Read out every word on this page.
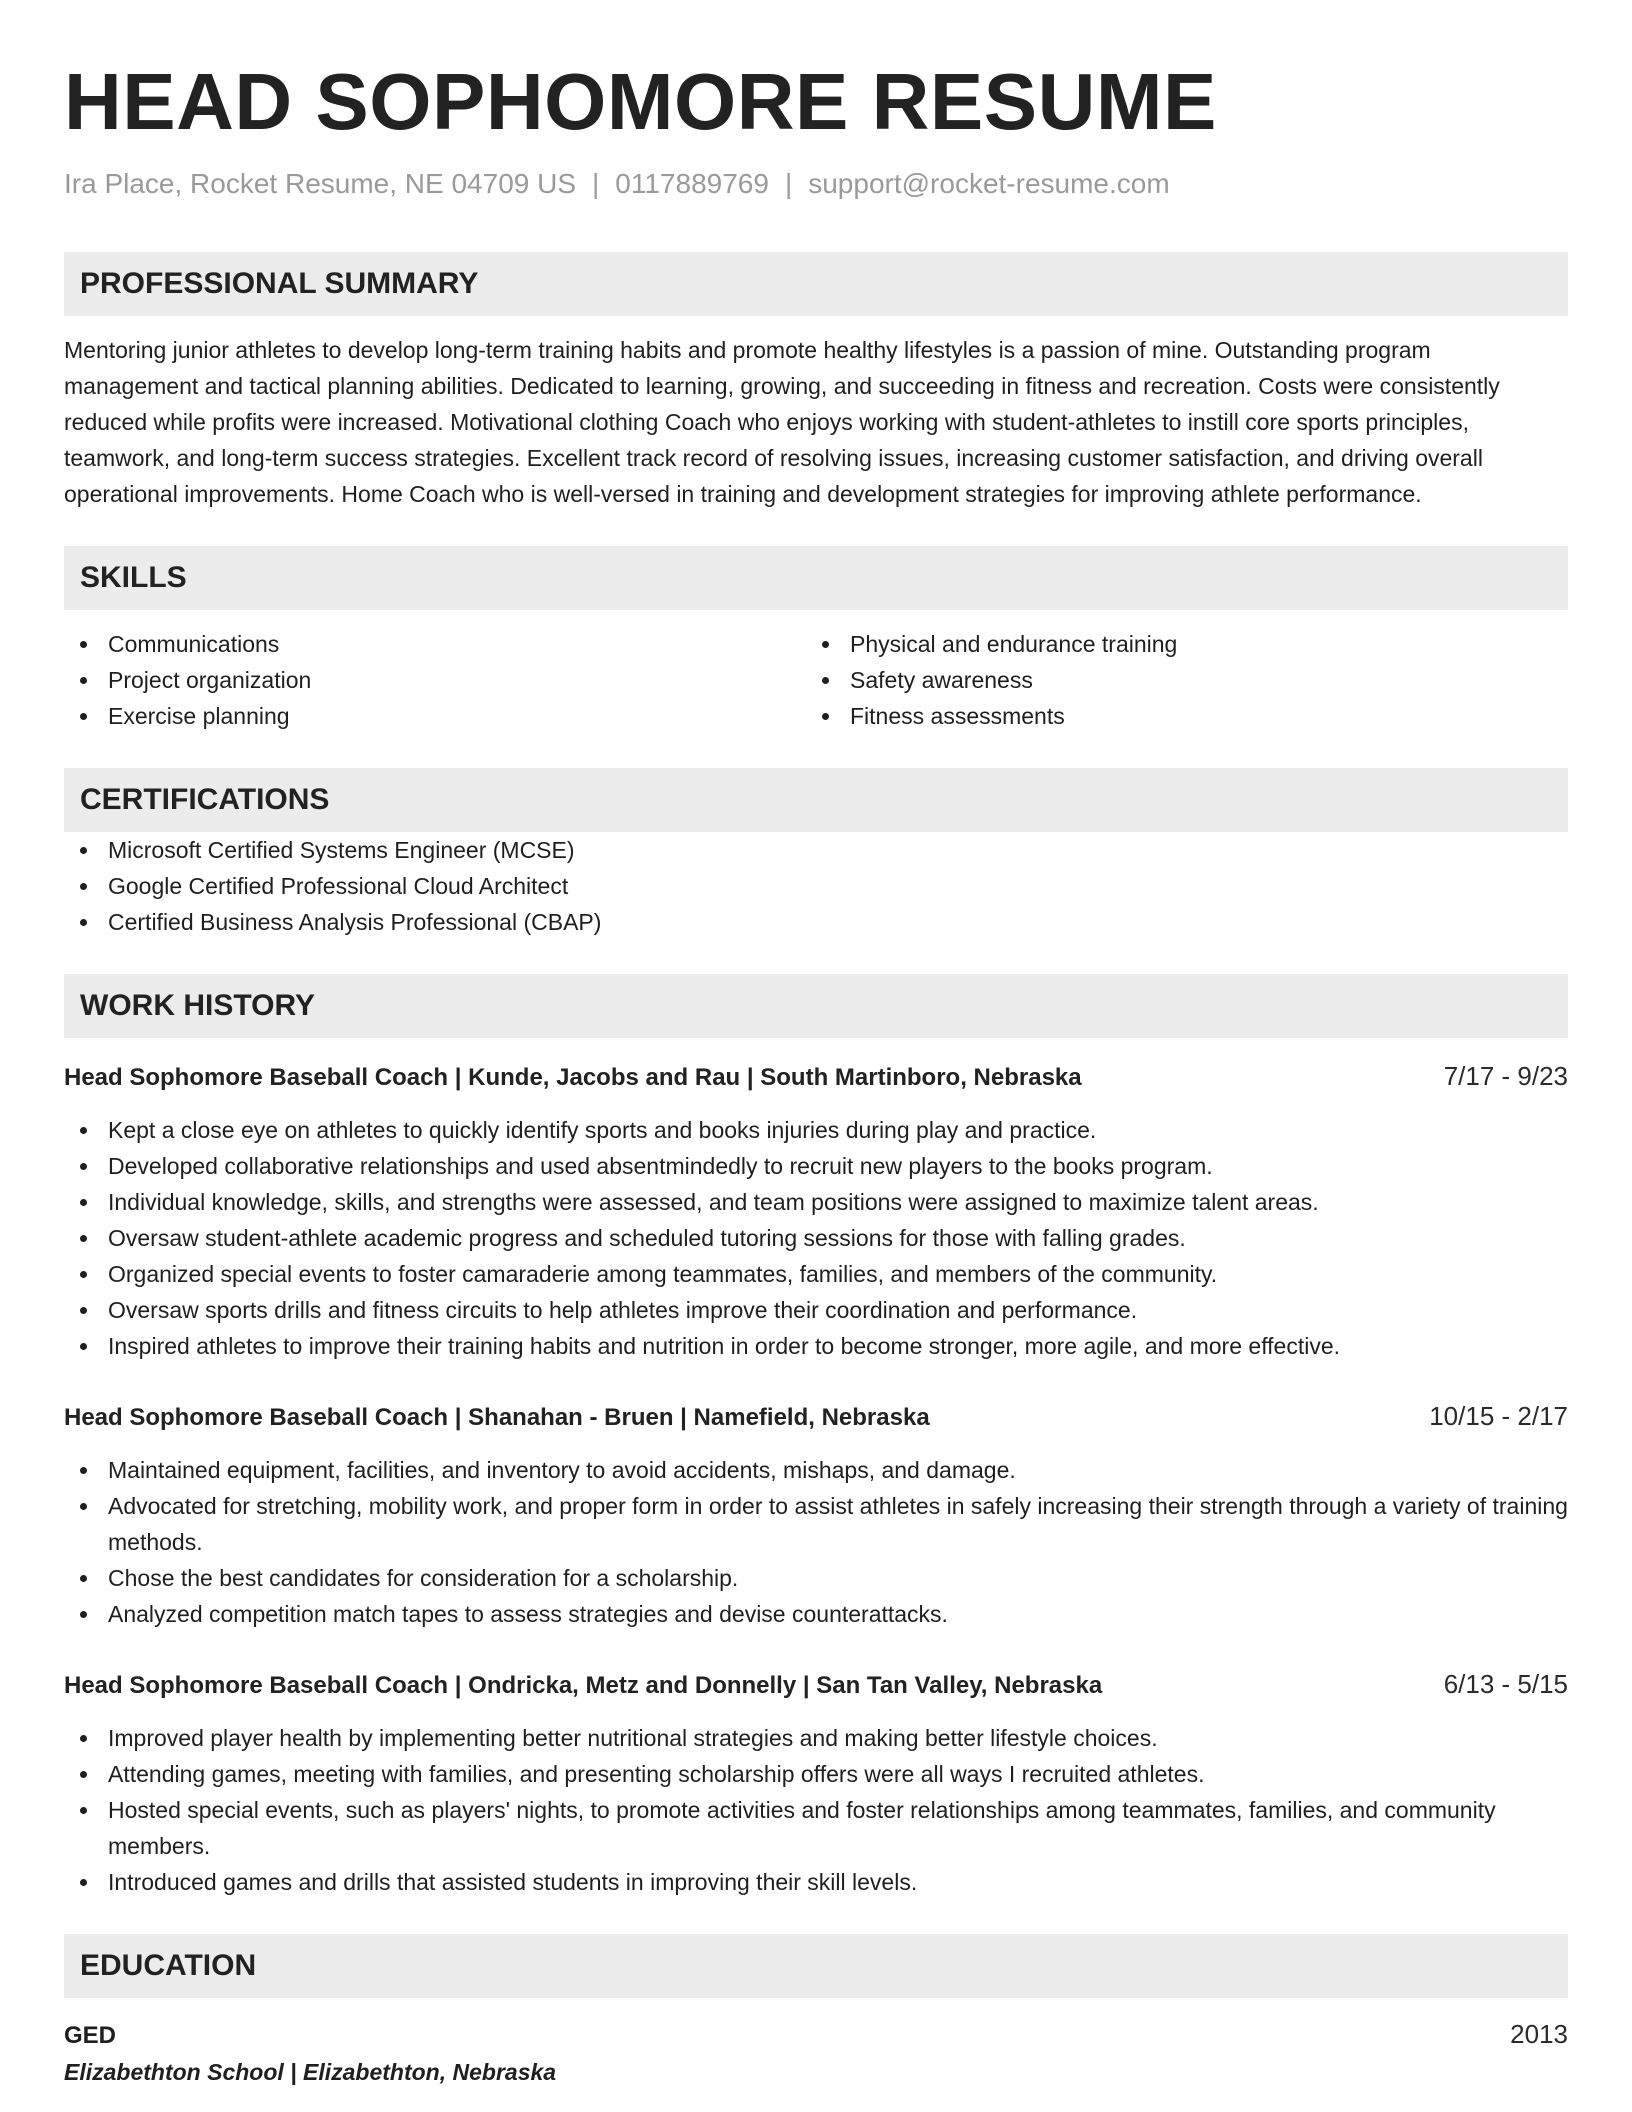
HEAD SOPHOMORE RESUME
Ira Place, Rocket Resume, NE 04709 US | 0117889769 | support@rocket-resume.com
PROFESSIONAL SUMMARY

Mentoring junior athletes to develop long-term training habits and promote healthy lifestyles is a passion of mine. Outstanding program management and tactical planning abilities. Dedicated to learning, growing, and succeeding in fitness and recreation. Costs were consistently reduced while profits were increased. Motivational clothing Coach who enjoys working with student-athletes to instill core sports principles, teamwork, and long-term success strategies. Excellent track record of resolving issues, increasing customer satisfaction, and driving overall operational improvements. Home Coach who is well-versed in training and development strategies for improving athlete performance.

SKILLS
Communications
Project organization
Exercise planning
Physical and endurance training
Safety awareness
Fitness assessments
CERTIFICATIONS
Microsoft Certified Systems Engineer (MCSE)
Google Certified Professional Cloud Architect
Certified Business Analysis Professional (CBAP)
WORK HISTORY
Head Sophomore Baseball Coach | Kunde, Jacobs and Rau | South Martinboro, Nebraska	7/17 - 9/23
Kept a close eye on athletes to quickly identify sports and books injuries during play and practice.
Developed collaborative relationships and used absentmindedly to recruit new players to the books program.
Individual knowledge, skills, and strengths were assessed, and team positions were assigned to maximize talent areas.
Oversaw student-athlete academic progress and scheduled tutoring sessions for those with falling grades.
Organized special events to foster camaraderie among teammates, families, and members of the community.
Oversaw sports drills and fitness circuits to help athletes improve their coordination and performance.
Inspired athletes to improve their training habits and nutrition in order to become stronger, more agile, and more effective.
Head Sophomore Baseball Coach | Shanahan - Bruen | Namefield, Nebraska	10/15 - 2/17
Maintained equipment, facilities, and inventory to avoid accidents, mishaps, and damage.
Advocated for stretching, mobility work, and proper form in order to assist athletes in safely increasing their strength through a variety of training methods.
Chose the best candidates for consideration for a scholarship.
Analyzed competition match tapes to assess strategies and devise counterattacks.
Head Sophomore Baseball Coach | Ondricka, Metz and Donnelly | San Tan Valley, Nebraska	6/13 - 5/15
Improved player health by implementing better nutritional strategies and making better lifestyle choices.
Attending games, meeting with families, and presenting scholarship offers were all ways I recruited athletes.
Hosted special events, such as players' nights, to promote activities and foster relationships among teammates, families, and community members.
Introduced games and drills that assisted students in improving their skill levels.
EDUCATION
GED	2013
Elizabethton School | Elizabethton, Nebraska
